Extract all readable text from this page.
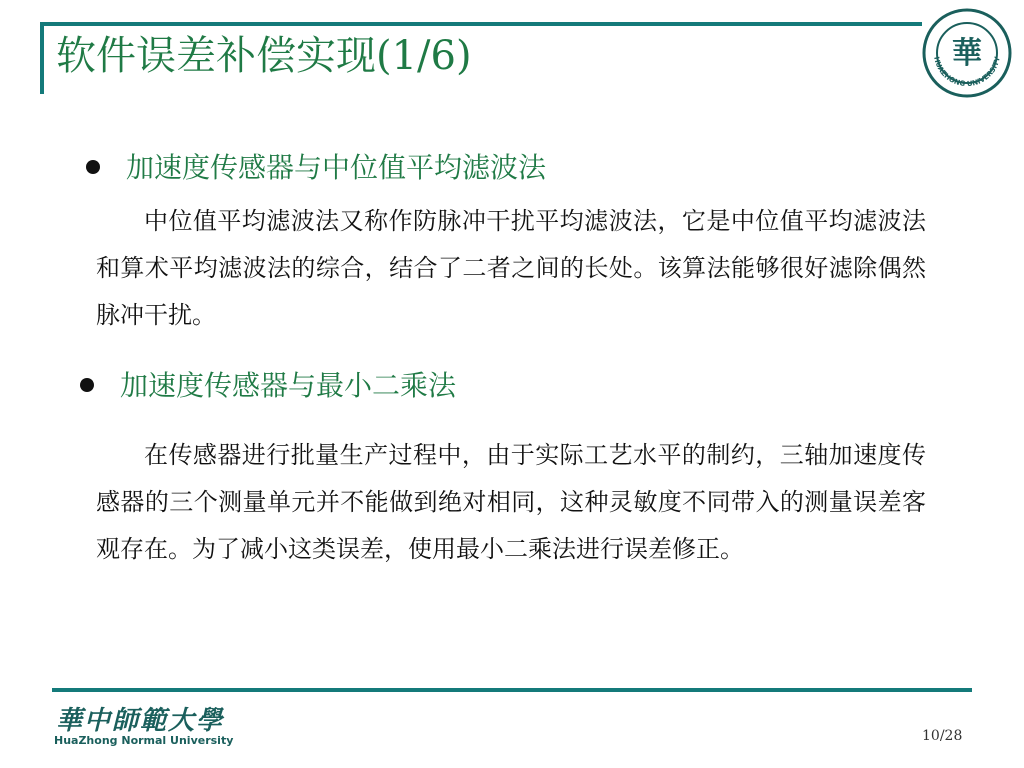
软件误差补偿实现(1/6)	HUAZHONG UNIVERSITY
華
加速度传感器与中位值平均滤波法
中位值平均滤波法又称作防脉冲干扰平均滤波法，它是中位值平均滤波法和算术平均滤波法的综合，结合了二者之间的长处。该算法能够很好滤除偶然脉冲干扰。
加速度传感器与最小二乘法
在传感器进行批量生产过程中，由于实际工艺水平的制约，三轴加速度传感器的三个测量单元并不能做到绝对相同，这种灵敏度不同带入的测量误差客观存在。为了减小这类误差，使用最小二乘法进行误差修正。
華中師範大學
HuaZhong Normal University	10/28
